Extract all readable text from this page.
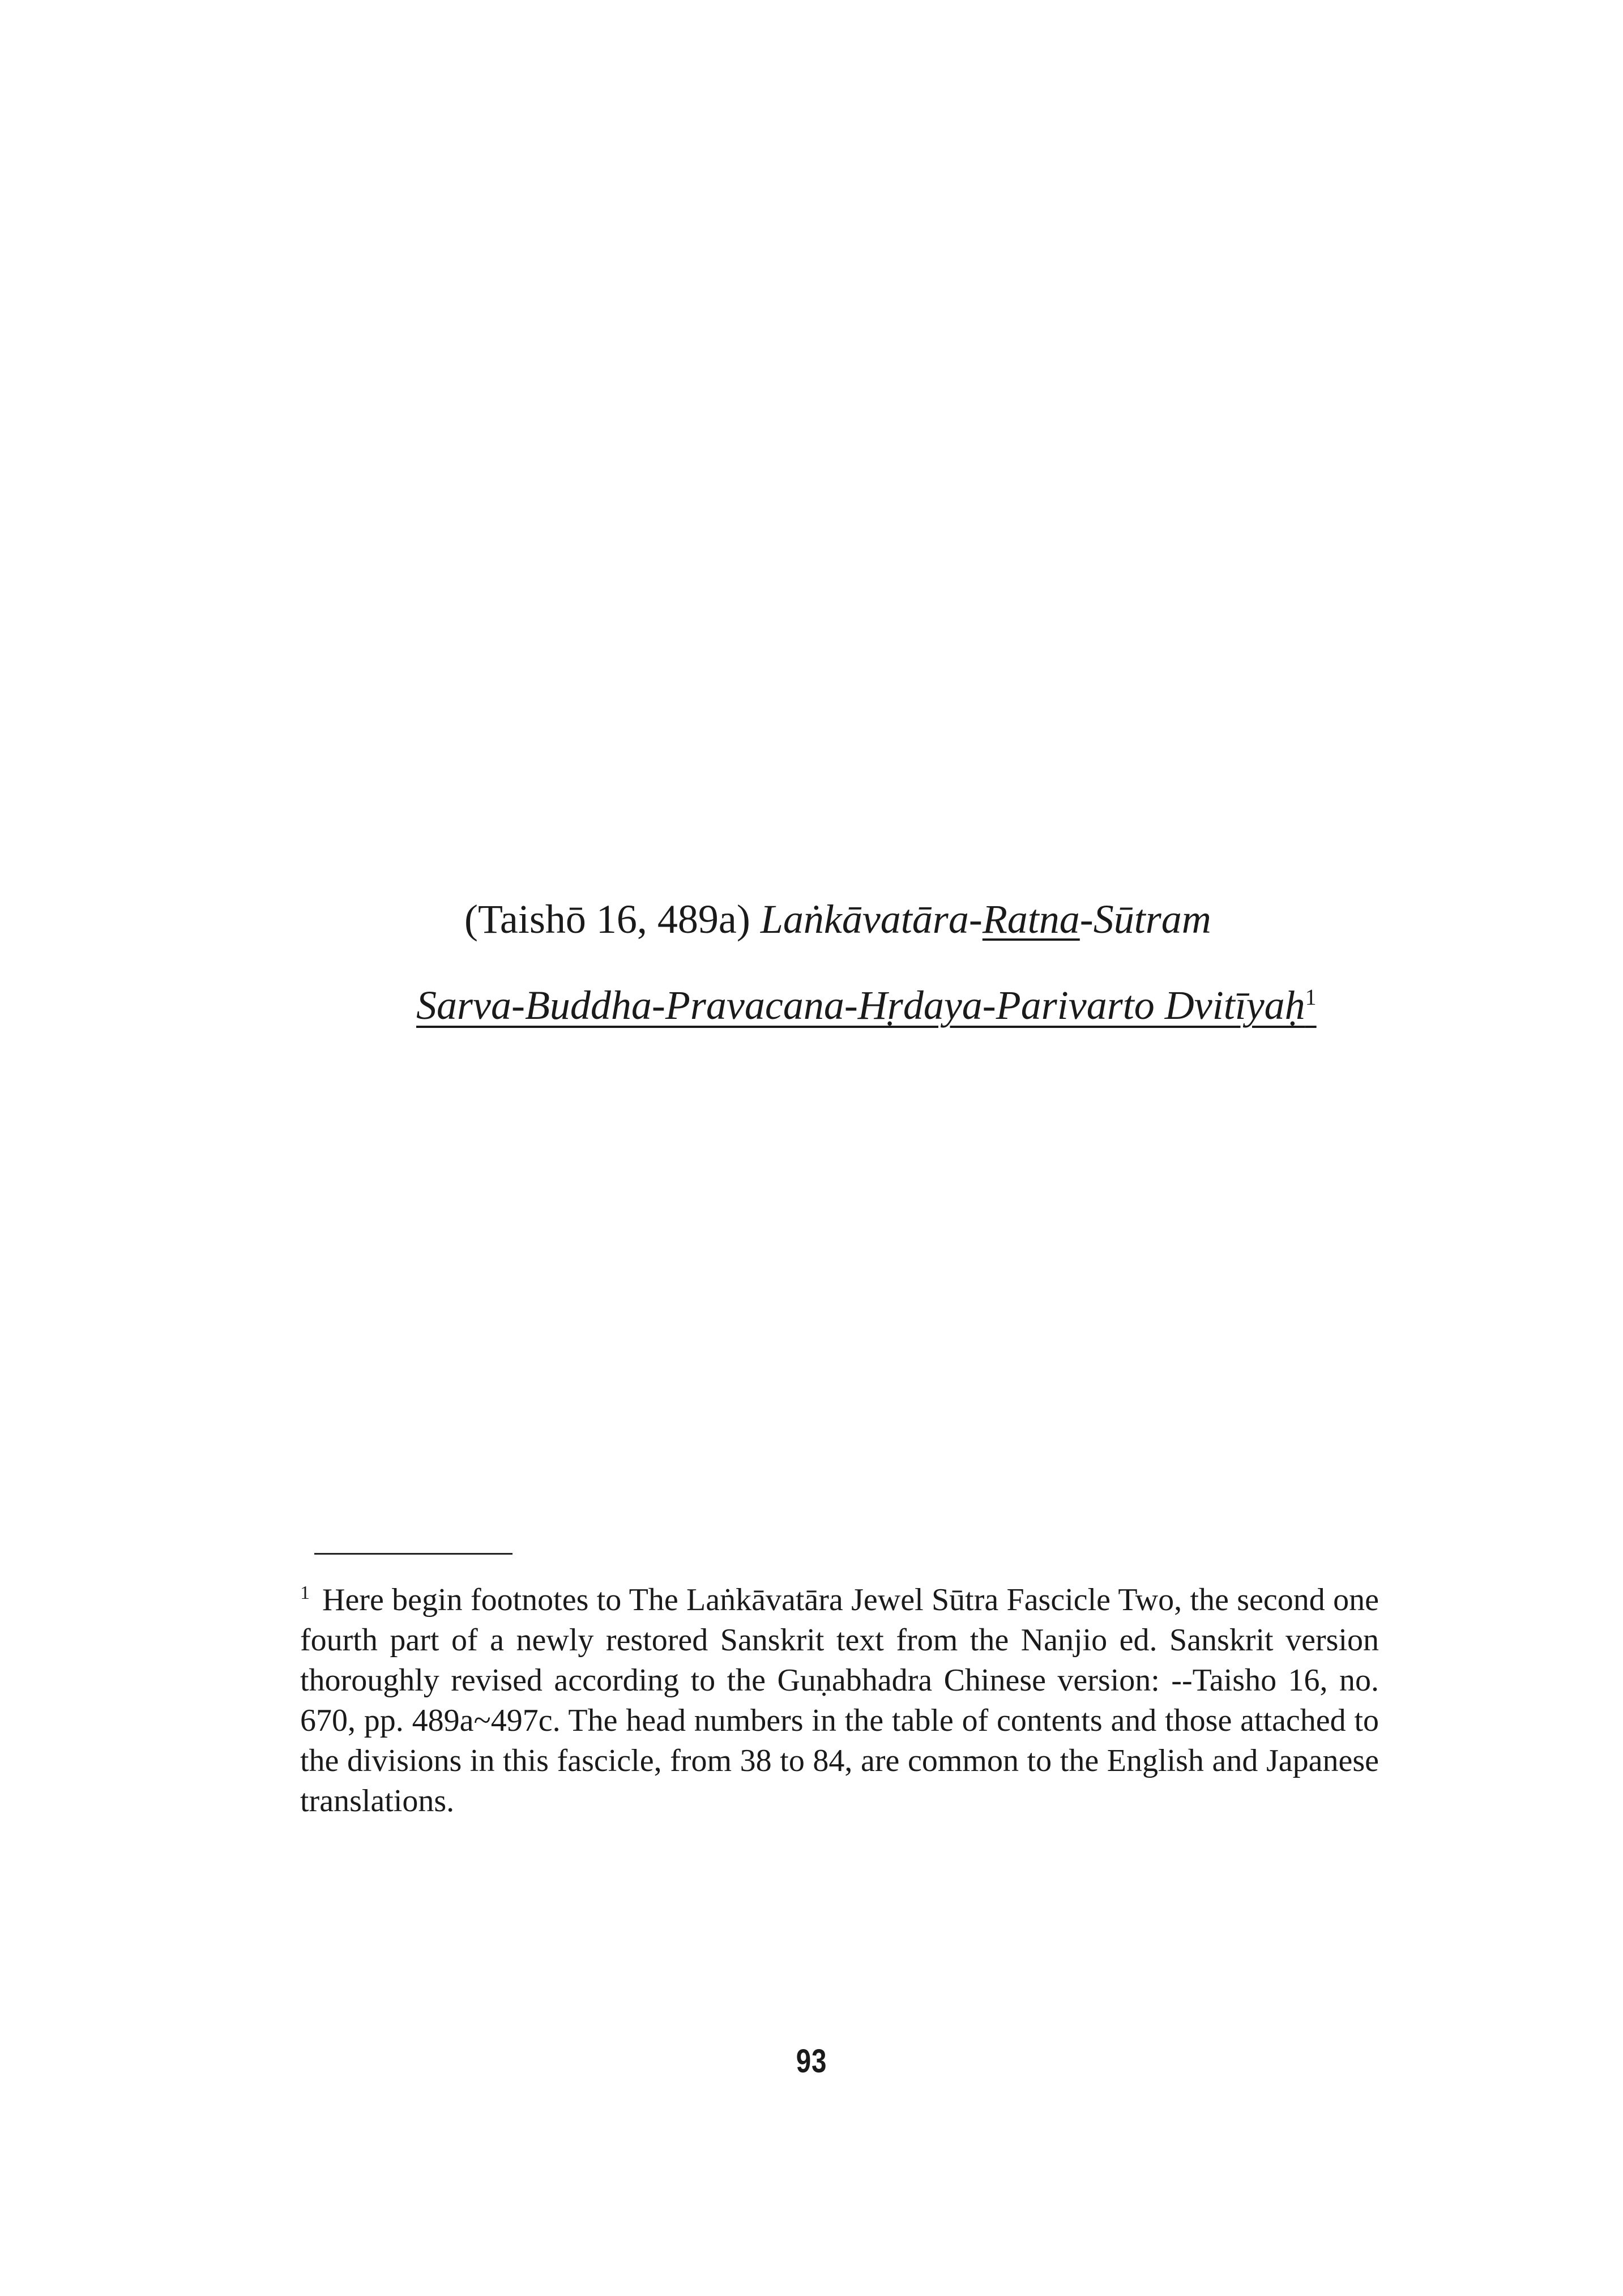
(Taishō 16, 489a) Laṅkāvatāra-Ratna-Sūtram
Sarva-Buddha-Pravacana-Hṛdaya-Parivarto Dvitīyaḥ$^1$
$^1$ Here begin footnotes to The Laṅkāvatāra Jewel Sūtra Fascicle Two, the second one fourth part of a newly restored Sanskrit text from the Nanjio ed. Sanskrit version thoroughly revised according to the Guṇabhadra Chinese version: --Taisho 16, no. 670, pp. 489a~497c. The head numbers in the table of contents and those attached to the divisions in this fascicle, from 38 to 84, are common to the English and Japanese translations.
93
